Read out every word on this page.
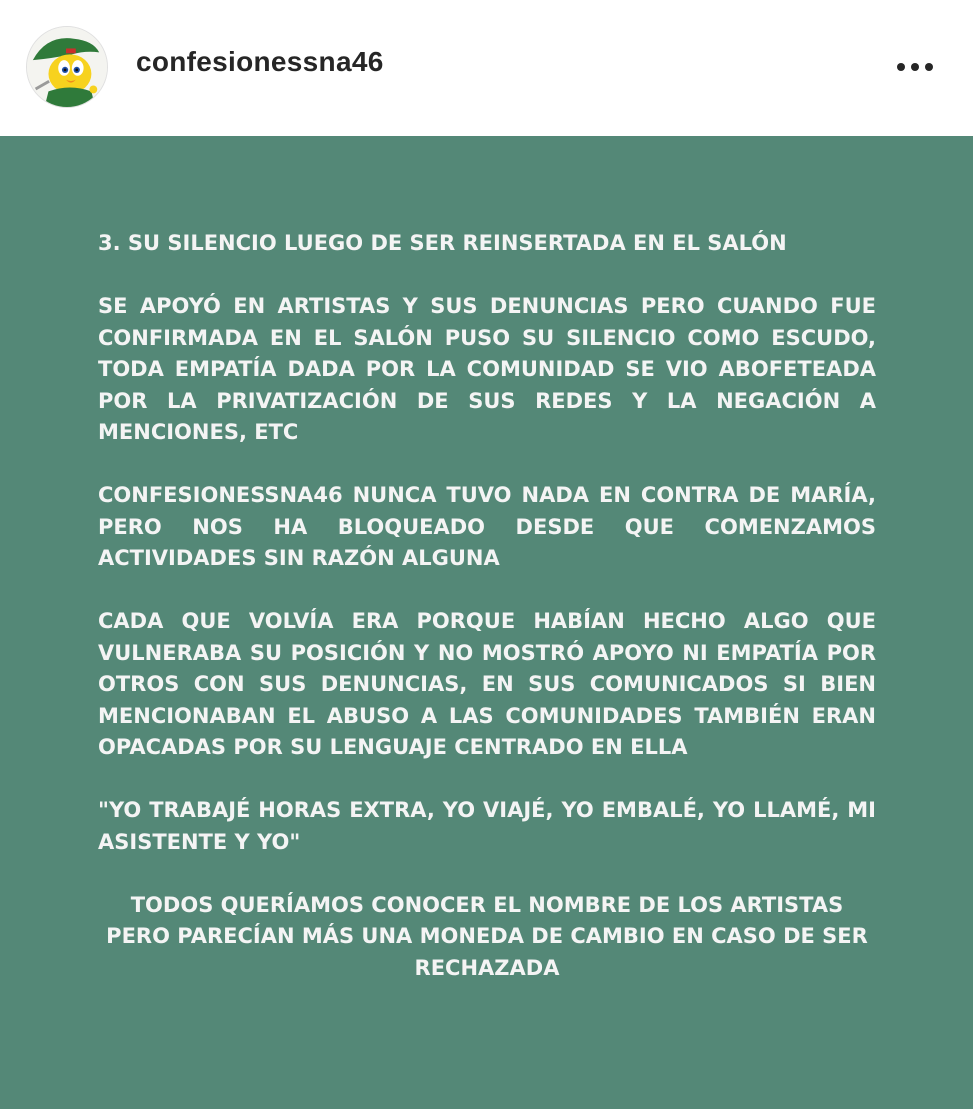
confesionessna46

3. SU SILENCIO LUEGO DE SER REINSERTADA EN EL SALÓN

SE APOYÓ EN ARTISTAS Y SUS DENUNCIAS PERO CUANDO FUE CONFIRMADA EN EL SALÓN PUSO SU SILENCIO COMO ESCUDO, TODA EMPATÍA DADA POR LA COMUNIDAD SE VIO ABOFETEADA POR LA PRIVATIZACIÓN DE SUS REDES Y LA NEGACIÓN A MENCIONES, ETC

CONFESIONESSNA46 NUNCA TUVO NADA EN CONTRA DE MARÍA, PERO NOS HA BLOQUEADO DESDE QUE COMENZAMOS ACTIVIDADES SIN RAZÓN ALGUNA

CADA QUE VOLVÍA ERA PORQUE HABÍAN HECHO ALGO QUE VULNERABA SU POSICIÓN Y NO MOSTRÓ APOYO NI EMPATÍA POR OTROS CON SUS DENUNCIAS, EN SUS COMUNICADOS SI BIEN MENCIONABAN EL ABUSO A LAS COMUNIDADES TAMBIÉN ERAN OPACADAS POR SU LENGUAJE CENTRADO EN ELLA

"YO TRABAJÉ HORAS EXTRA, YO VIAJÉ, YO EMBALÉ, YO LLAMÉ, MI ASISTENTE Y YO"

TODOS QUERÍAMOS CONOCER EL NOMBRE DE LOS ARTISTAS PERO PARECÍAN MÁS UNA MONEDA DE CAMBIO EN CASO DE SER RECHAZADA
